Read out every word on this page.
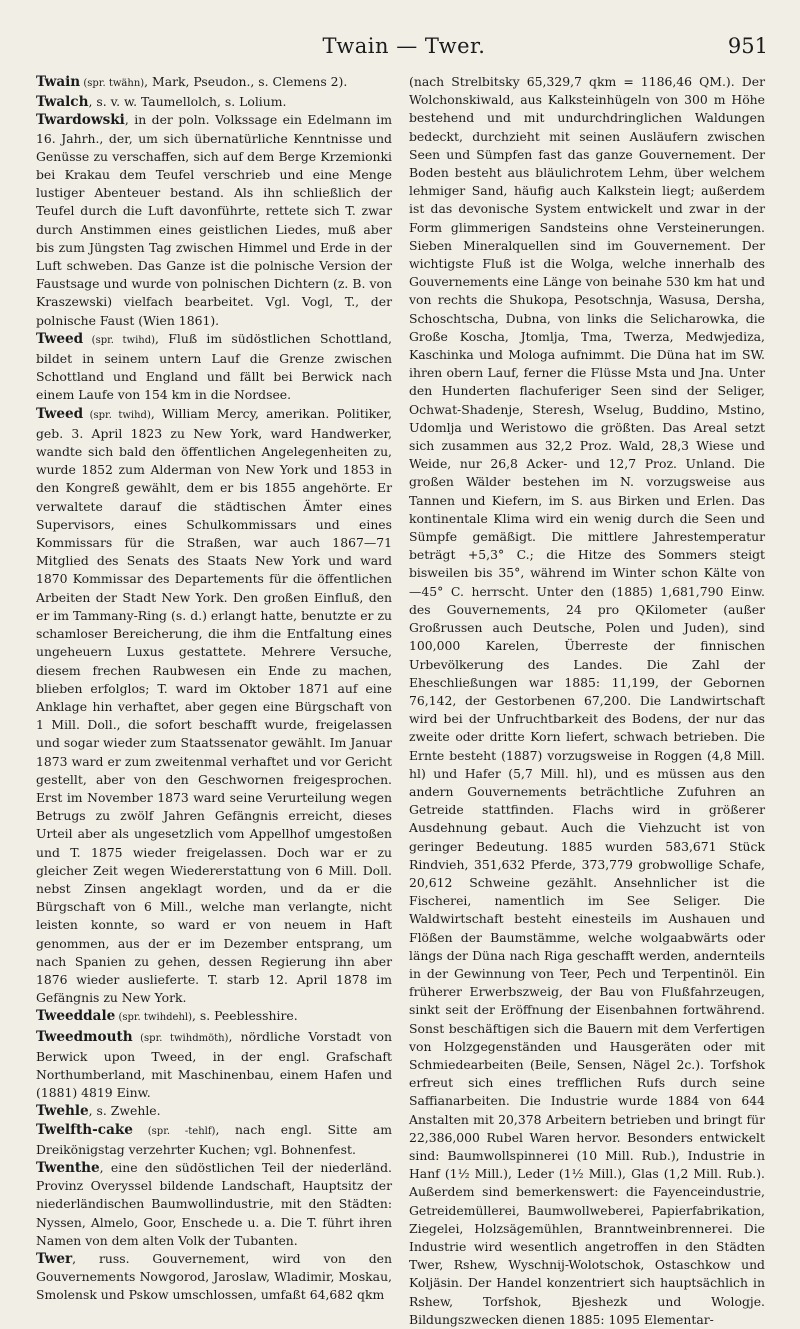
Twain — Twer.	951

Twain (spr. twähn), Mark, Pseudon., s. Clemens 2).

Twalch, s. v. w. Taumellolch, s. Lolium.

Twardowski, in der poln. Volkssage ein Edelmann im 16. Jahrh., der, um sich übernatürliche Kenntnisse und Genüsse zu verschaffen, sich auf dem Berge Krzemionki bei Krakau dem Teufel verschrieb und eine Menge lustiger Abenteuer bestand. Als ihn schließlich der Teufel durch die Luft davonführte, rettete sich T. zwar durch Anstimmen eines geistlichen Liedes, muß aber bis zum Jüngsten Tag zwischen Himmel und Erde in der Luft schweben. Das Ganze ist die polnische Version der Faustsage und wurde von polnischen Dichtern (z. B. von Kraszewski) vielfach bearbeitet. Vgl. Vogl, T., der polnische Faust (Wien 1861).

Tweed (spr. twihd), Fluß im südöstlichen Schottland, bildet in seinem untern Lauf die Grenze zwischen Schottland und England und fällt bei Berwick nach einem Laufe von 154 km in die Nordsee.

Tweed (spr. twihd), William Mercy, amerikan. Politiker, geb. 3. April 1823 zu New York, ward Handwerker, wandte sich bald den öffentlichen Angelegenheiten zu, wurde 1852 zum Alderman von New York und 1853 in den Kongreß gewählt, dem er bis 1855 angehörte. Er verwaltete darauf die städtischen Ämter eines Supervisors, eines Schulkommissars und eines Kommissars für die Straßen, war auch 1867—71 Mitglied des Senats des Staats New York und ward 1870 Kommissar des Departements für die öffentlichen Arbeiten der Stadt New York. Den großen Einfluß, den er im Tammany-Ring (s. d.) erlangt hatte, benutzte er zu schamloser Bereicherung, die ihm die Entfaltung eines ungeheuern Luxus gestattete. Mehrere Versuche, diesem frechen Raubwesen ein Ende zu machen, blieben erfolglos; T. ward im Oktober 1871 auf eine Anklage hin verhaftet, aber gegen eine Bürgschaft von 1 Mill. Doll., die sofort beschafft wurde, freigelassen und sogar wieder zum Staatssenator gewählt. Im Januar 1873 ward er zum zweitenmal verhaftet und vor Gericht gestellt, aber von den Geschwornen freigesprochen. Erst im November 1873 ward seine Verurteilung wegen Betrugs zu zwölf Jahren Gefängnis erreicht, dieses Urteil aber als ungesetzlich vom Appellhof umgestoßen und T. 1875 wieder freigelassen. Doch war er zu gleicher Zeit wegen Wiedererstattung von 6 Mill. Doll. nebst Zinsen angeklagt worden, und da er die Bürgschaft von 6 Mill., welche man verlangte, nicht leisten konnte, so ward er von neuem in Haft genommen, aus der er im Dezember entsprang, um nach Spanien zu gehen, dessen Regierung ihn aber 1876 wieder auslieferte. T. starb 12. April 1878 im Gefängnis zu New York.

Tweeddale (spr. twihdehl), s. Peeblesshire.

Tweedmouth (spr. twihdmöth), nördliche Vorstadt von Berwick upon Tweed, in der engl. Grafschaft Northumberland, mit Maschinenbau, einem Hafen und (1881) 4819 Einw.

Twehle, s. Zwehle.

Twelfth-cake (spr. -tehlf), nach engl. Sitte am Dreikönigstag verzehrter Kuchen; vgl. Bohnenfest.

Twenthe, eine den südöstlichen Teil der niederländ. Provinz Overyssel bildende Landschaft, Hauptsitz der niederländischen Baumwollindustrie, mit den Städten: Nyssen, Almelo, Goor, Enschede u. a. Die T. führt ihren Namen von dem alten Volk der Tubanten.

Twer, russ. Gouvernement, wird von den Gouvernements Nowgorod, Jaroslaw, Wladimir, Moskau, Smolensk und Pskow umschlossen, umfaßt 64,682 qkm

(nach Strelbitsky 65,329,7 qkm = 1186,46 QM.). Der Wolchonskiwald, aus Kalksteinhügeln von 300 m Höhe bestehend und mit undurchdringlichen Waldungen bedeckt, durchzieht mit seinen Ausläufern zwischen Seen und Sümpfen fast das ganze Gouvernement. Der Boden besteht aus bläulichrotem Lehm, über welchem lehmiger Sand, häufig auch Kalkstein liegt; außerdem ist das devonische System entwickelt und zwar in der Form glimmerigen Sandsteins ohne Versteinerungen. Sieben Mineralquellen sind im Gouvernement. Der wichtigste Fluß ist die Wolga, welche innerhalb des Gouvernements eine Länge von beinahe 530 km hat und von rechts die Shukopa, Pesotschnja, Wasusa, Dersha, Schoschtscha, Dubna, von links die Selicharowka, die Große Koscha, Jtomlja, Tma, Twerza, Medwjediza, Kaschinka und Mologa aufnimmt. Die Düna hat im SW. ihren obern Lauf, ferner die Flüsse Msta und Jna. Unter den Hunderten flachuferiger Seen sind der Seliger, Ochwat-Shadenje, Steresh, Wselug, Buddino, Mstino, Udomlja und Weristowo die größten. Das Areal setzt sich zusammen aus 32,2 Proz. Wald, 28,3 Wiese und Weide, nur 26,8 Acker- und 12,7 Proz. Unland. Die großen Wälder bestehen im N. vorzugsweise aus Tannen und Kiefern, im S. aus Birken und Erlen. Das kontinentale Klima wird ein wenig durch die Seen und Sümpfe gemäßigt. Die mittlere Jahrestemperatur beträgt +5,3° C.; die Hitze des Sommers steigt bisweilen bis 35°, während im Winter schon Kälte von —45° C. herrscht. Unter den (1885) 1,681,790 Einw. des Gouvernements, 24 pro QKilometer (außer Großrussen auch Deutsche, Polen und Juden), sind 100,000 Karelen, Überreste der finnischen Urbevölkerung des Landes. Die Zahl der Eheschließungen war 1885: 11,199, der Gebornen 76,142, der Gestorbenen 67,200. Die Landwirtschaft wird bei der Unfruchtbarkeit des Bodens, der nur das zweite oder dritte Korn liefert, schwach betrieben. Die Ernte besteht (1887) vorzugsweise in Roggen (4,8 Mill. hl) und Hafer (5,7 Mill. hl), und es müssen aus den andern Gouvernements beträchtliche Zufuhren an Getreide stattfinden. Flachs wird in größerer Ausdehnung gebaut. Auch die Viehzucht ist von geringer Bedeutung. 1885 wurden 583,671 Stück Rindvieh, 351,632 Pferde, 373,779 grobwollige Schafe, 20,612 Schweine gezählt. Ansehnlicher ist die Fischerei, namentlich im See Seliger. Die Waldwirtschaft besteht einesteils im Aushauen und Flößen der Baumstämme, welche wolgaabwärts oder längs der Düna nach Riga geschafft werden, andernteils in der Gewinnung von Teer, Pech und Terpentinöl. Ein früherer Erwerbszweig, der Bau von Flußfahrzeugen, sinkt seit der Eröffnung der Eisenbahnen fortwährend. Sonst beschäftigen sich die Bauern mit dem Verfertigen von Holzgegenständen und Hausgeräten oder mit Schmiedearbeiten (Beile, Sensen, Nägel 2c.). Torfshok erfreut sich eines trefflichen Rufs durch seine Saffianarbeiten. Die Industrie wurde 1884 von 644 Anstalten mit 20,378 Arbeitern betrieben und bringt für 22,386,000 Rubel Waren hervor. Besonders entwickelt sind: Baumwollspinnerei (10 Mill. Rub.), Industrie in Hanf (1½ Mill.), Leder (1½ Mill.), Glas (1,2 Mill. Rub.). Außerdem sind bemerkenswert: die Fayenceindustrie, Getreidemüllerei, Baumwollweberei, Papierfabrikation, Ziegelei, Holzsägemühlen, Branntweinbrennerei. Die Industrie wird wesentlich angetroffen in den Städten Twer, Rshew, Wyschnij-Wolotschok, Ostaschkow und Koljäsin. Der Handel konzentriert sich hauptsächlich in Rshew, Torfshok, Bjeshezk und Wologje. Bildungszwecken dienen 1885: 1095 Elementar-
